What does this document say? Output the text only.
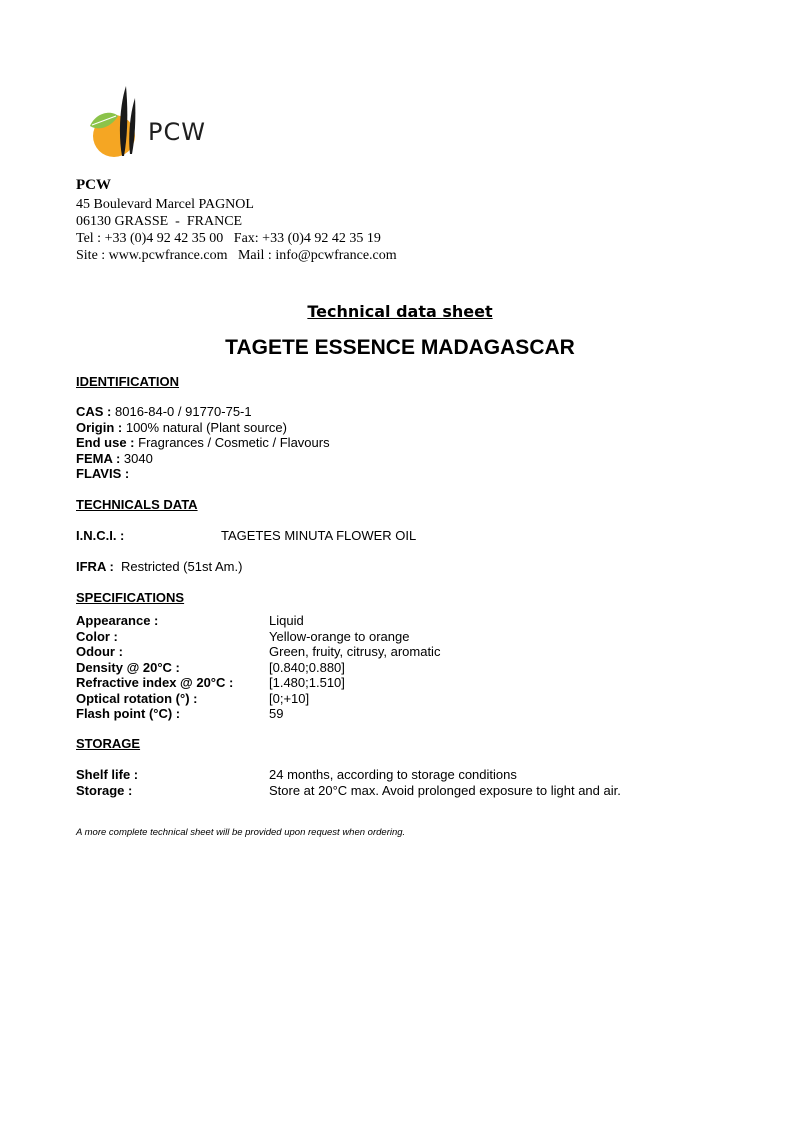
PCW
PCW
45 Boulevard Marcel PAGNOL
06130 GRASSE  -  FRANCE
Tel : +33 (0)4 92 42 35 00   Fax: +33 (0)4 92 42 35 19
Site : www.pcwfrance.com   Mail : info@pcwfrance.com
Technical data sheet
TAGETE ESSENCE MADAGASCAR
IDENTIFICATION
CAS : 8016-84-0 / 91770-75-1
Origin : 100% natural (Plant source)
End use : Fragrances / Cosmetic / Flavours
FEMA : 3040
FLAVIS :
TECHNICALS DATA
I.N.C.I. :	TAGETES MINUTA FLOWER OIL
IFRA : Restricted (51st Am.)
SPECIFICATIONS
Appearance :	Liquid
Color :	Yellow-orange to orange
Odour :	Green, fruity, citrusy, aromatic
Density @ 20°C :	[0.840;0.880]
Refractive index @ 20°C :	[1.480;1.510]
Optical rotation (°) :	[0;+10]
Flash point (°C) :	59
STORAGE
Shelf life :	24 months, according to storage conditions
Storage :	Store at 20°C max. Avoid prolonged exposure to light and air.
A more complete technical sheet will be provided upon request when ordering.
